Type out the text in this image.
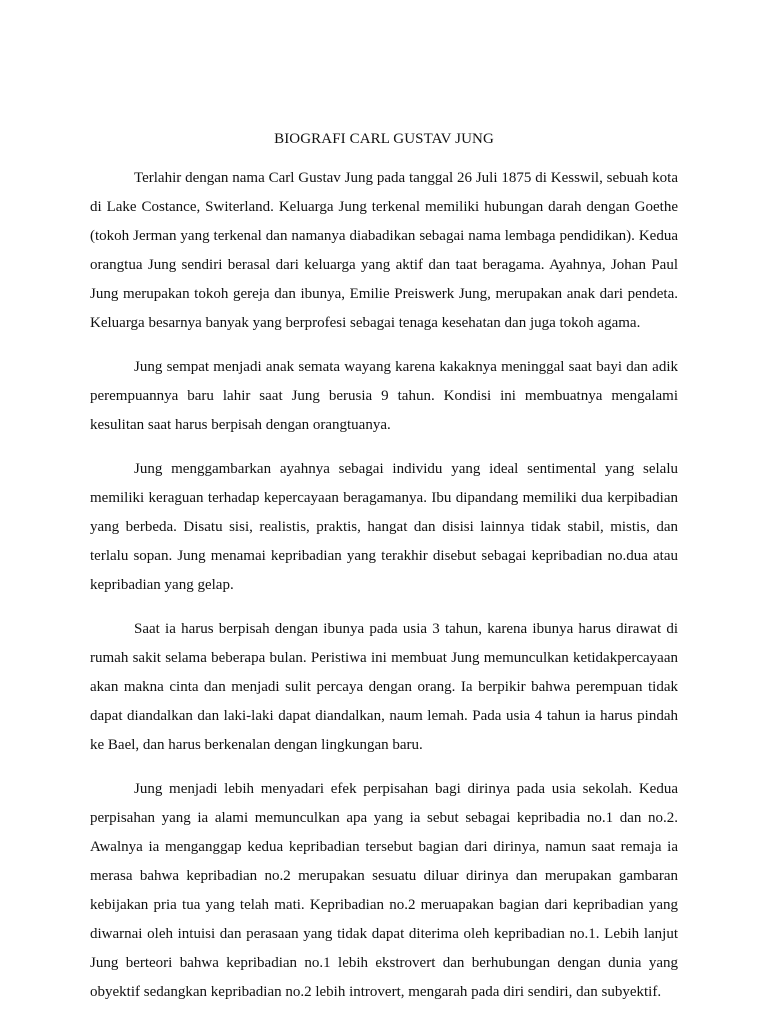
BIOGRAFI CARL GUSTAV JUNG

Terlahir dengan nama Carl Gustav Jung pada tanggal 26 Juli 1875 di Kesswil, sebuah kota di Lake Costance, Switerland. Keluarga Jung terkenal memiliki hubungan darah dengan Goethe (tokoh Jerman yang terkenal dan namanya diabadikan sebagai nama lembaga pendidikan). Kedua orangtua Jung sendiri berasal dari keluarga yang aktif dan taat beragama. Ayahnya, Johan Paul Jung merupakan tokoh gereja dan ibunya, Emilie Preiswerk Jung, merupakan anak dari pendeta. Keluarga besarnya banyak yang berprofesi sebagai tenaga kesehatan dan juga tokoh agama.

Jung sempat menjadi anak semata wayang karena kakaknya meninggal saat bayi dan adik perempuannya baru lahir saat Jung berusia 9 tahun. Kondisi ini membuatnya mengalami kesulitan saat harus berpisah dengan orangtuanya.

Jung menggambarkan ayahnya sebagai individu yang ideal sentimental yang selalu memiliki keraguan terhadap kepercayaan beragamanya. Ibu dipandang memiliki dua kerpibadian yang berbeda. Disatu sisi, realistis, praktis, hangat dan disisi lainnya tidak stabil, mistis, dan terlalu sopan. Jung menamai kepribadian yang terakhir disebut sebagai kepribadian no.dua atau kepribadian yang gelap.

Saat ia harus berpisah dengan ibunya pada usia 3 tahun, karena ibunya harus dirawat di rumah sakit selama beberapa bulan. Peristiwa ini membuat Jung memunculkan ketidakpercayaan akan makna cinta dan menjadi sulit percaya dengan orang. Ia berpikir bahwa perempuan tidak dapat diandalkan dan laki-laki dapat diandalkan, naum lemah. Pada usia 4 tahun ia harus pindah ke Bael, dan harus berkenalan dengan lingkungan baru.

Jung menjadi lebih menyadari efek perpisahan bagi dirinya pada usia sekolah. Kedua perpisahan yang ia alami memunculkan apa yang ia sebut sebagai kepribadia no.1 dan no.2. Awalnya ia menganggap kedua kepribadian tersebut bagian dari dirinya, namun saat remaja ia merasa bahwa kepribadian no.2 merupakan sesuatu diluar dirinya dan merupakan gambaran kebijakan pria tua yang telah mati. Kepribadian no.2 meruapakan bagian dari kepribadian yang diwarnai oleh intuisi dan perasaan yang tidak dapat diterima oleh kepribadian no.1. Lebih lanjut Jung berteori bahwa kepribadian no.1 lebih ekstrovert dan berhubungan dengan dunia yang obyektif sedangkan kepribadian no.2 lebih introvert, mengarah pada diri sendiri, dan subyektif.
